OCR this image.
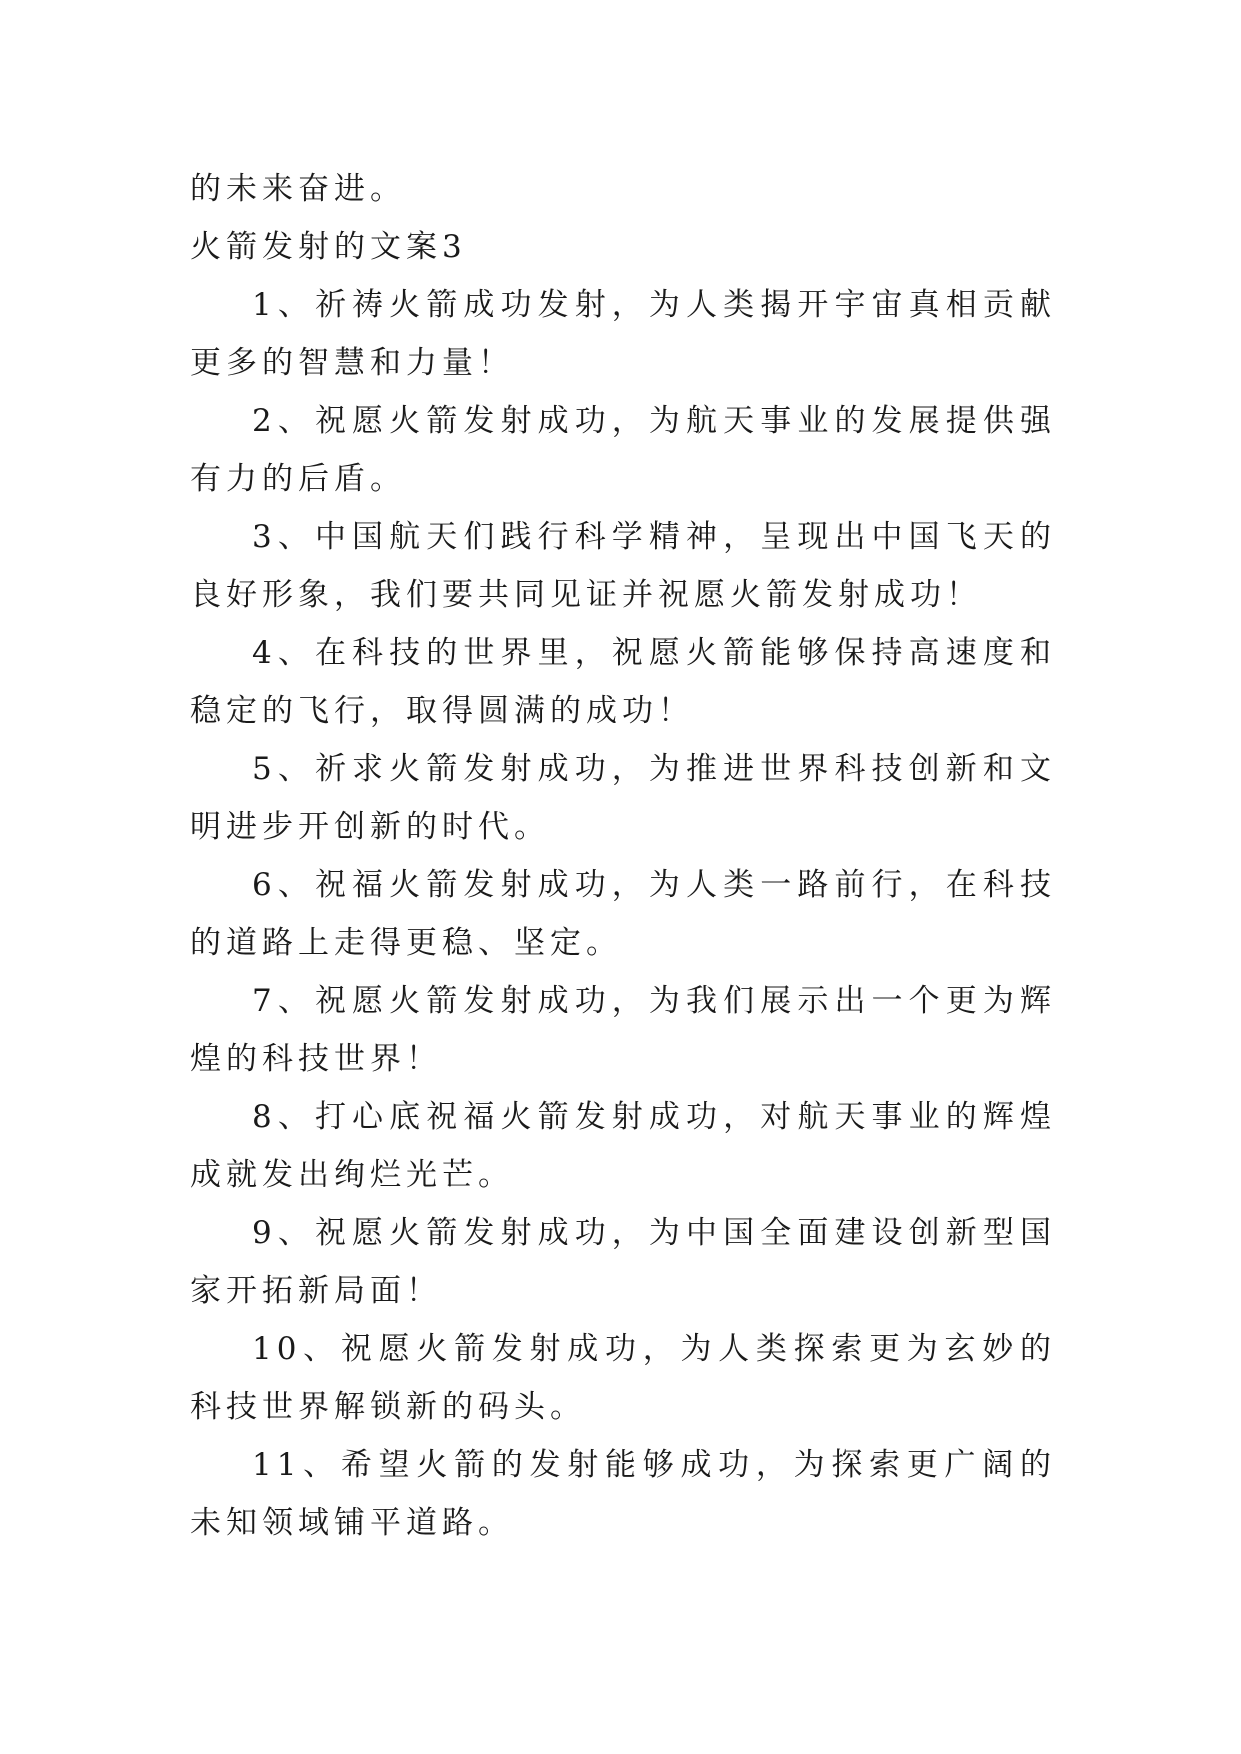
的未来奋进。

火箭发射的文案3

1、祈祷火箭成功发射，为人类揭开宇宙真相贡献更多的智慧和力量！

2、祝愿火箭发射成功，为航天事业的发展提供强有力的后盾。

3、中国航天们践行科学精神，呈现出中国飞天的良好形象，我们要共同见证并祝愿火箭发射成功！

4、在科技的世界里，祝愿火箭能够保持高速度和稳定的飞行，取得圆满的成功！

5、祈求火箭发射成功，为推进世界科技创新和文明进步开创新的时代。

6、祝福火箭发射成功，为人类一路前行，在科技的道路上走得更稳、坚定。

7、祝愿火箭发射成功，为我们展示出一个更为辉煌的科技世界！

8、打心底祝福火箭发射成功，对航天事业的辉煌成就发出绚烂光芒。

9、祝愿火箭发射成功，为中国全面建设创新型国家开拓新局面！

10、祝愿火箭发射成功，为人类探索更为玄妙的科技世界解锁新的码头。

11、希望火箭的发射能够成功，为探索更广阔的未知领域铺平道路。
